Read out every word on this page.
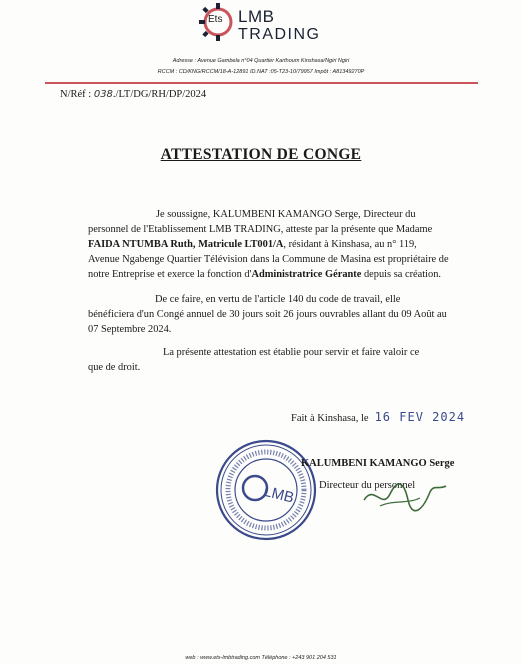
Ets LMB
TRADING
Adresse : Avenue Gambela n°04 Quartier Karthoum Kinshasa/Ngiri Ngiri
RCCM : CD/KNG/RCCM/18-A-12891 ID.NAT :05-T23-10/79957 Impôt : A81349270P
N/Réf : 038./LT/DG/RH/DP/2024
ATTESTATION DE CONGE
Je soussigne, KALUMBENI KAMANGO Serge, Directeur du
personnel de l'Etablissement LMB TRADING, atteste par la présente que Madame
FAIDA NTUMBA Ruth, Matricule LT001/A, résidant à Kinshasa, au n° 119,
Avenue Ngabenge Quartier Télévision dans la Commune de Masina est propriétaire de
notre Entreprise et exerce la fonction d'Administratrice Gérante depuis sa création.
De ce faire, en vertu de l'article 140 du code de travail, elle
bénéficiera d'un Congé annuel de 30 jours soit 26 jours ouvrables allant du 09 Août au
07 Septembre 2024.
La présente attestation est établie pour servir et faire valoir ce
que de droit.
Fait à Kinshasa, le 16 FEV 2024
LMB
KALUMBENI KAMANGO Serge
Directeur du personnel
web : www.ets-lmbtrading.com Téléphone : +243 901 204 531
